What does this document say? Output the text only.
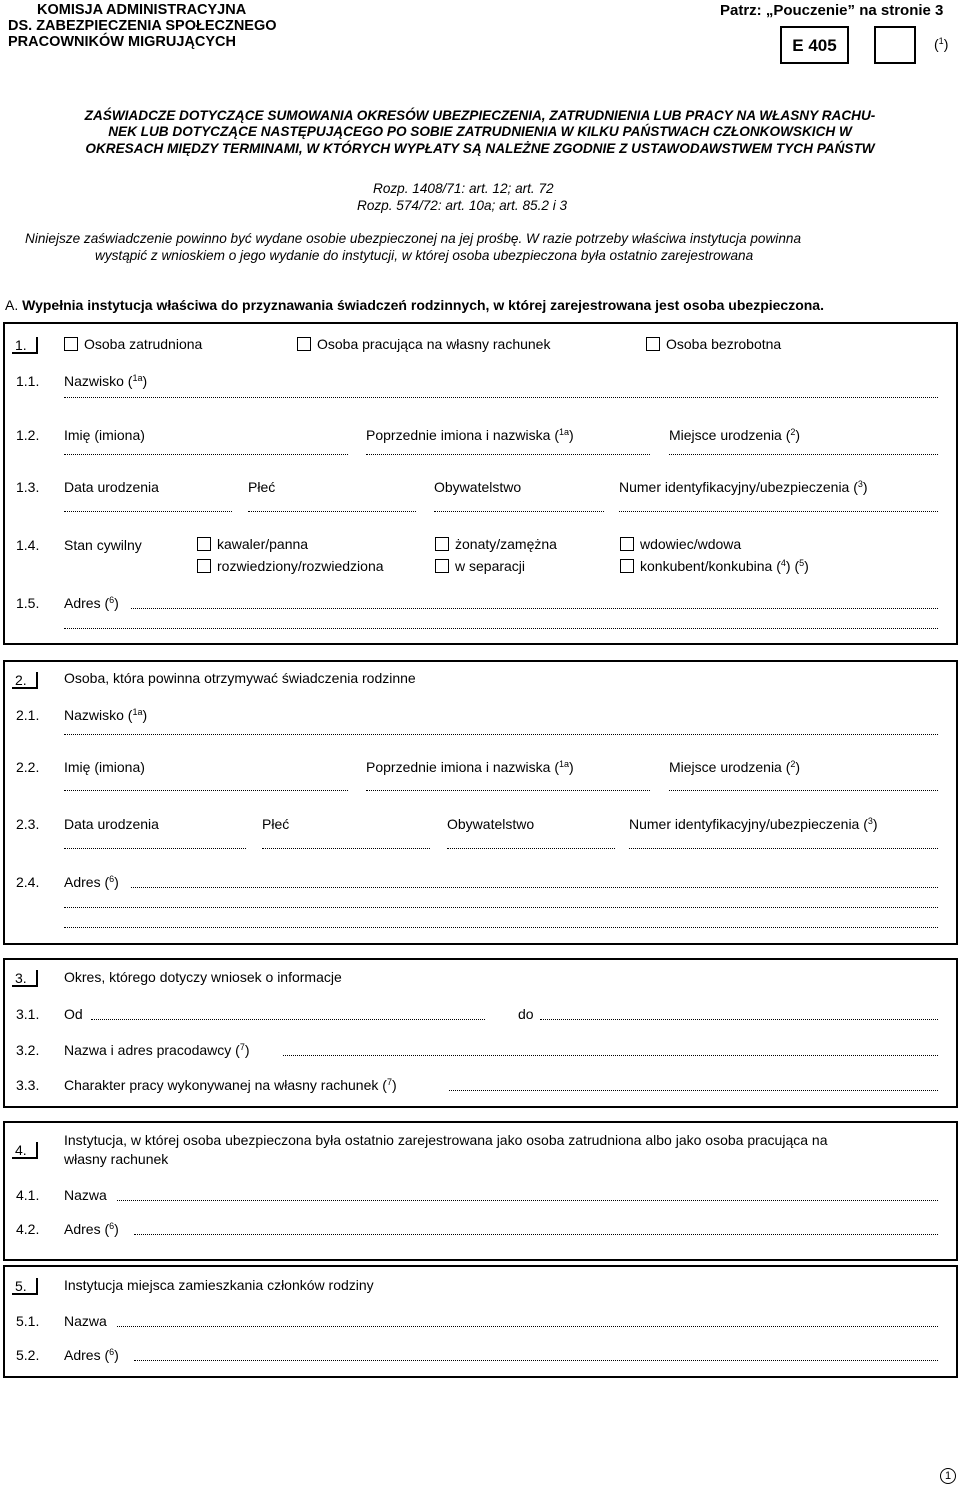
KOMISJA ADMINISTRACYJNA
DS. ZABEZPIECZENIA SPOŁECZNEGO
PRACOWNIKÓW MIGRUJĄCYCH
Patrz: „Pouczenie” na stronie 3
E 405	($^1$)
ZAŚWIADCZE DOTYCZĄCE SUMOWANIA OKRESÓW UBEZPIECZENIA, ZATRUDNIENIA LUB PRACY NA WŁASNY RACHU-
NEK LUB DOTYCZĄCE NASTĘPUJĄCEGO PO SOBIE ZATRUDNIENIA W KILKU PAŃSTWACH CZŁONKOWSKICH W
OKRESACH MIĘDZY TERMINAMI, W KTÓRYCH WYPŁATY SĄ NALEŻNE ZGODNIE Z USTAWODAWSTWEM TYCH PAŃSTW
Rozp. 1408/71: art. 12; art. 72
Rozp. 574/72: art. 10a; art. 85.2 i 3
Niniejsze zaświadczenie powinno być wydane osobie ubezpieczonej na jej prośbę. W razie potrzeby właściwa instytucja powinna
wystąpić z wnioskiem o jego wydanie do instytucji, w której osoba ubezpieczona była ostatnio zarejestrowana
A. Wypełnia instytucja właściwa do przyznawania świadczeń rodzinnych, w której zarejestrowana jest osoba ubezpieczona.
1.	Osoba zatrudniona	Osoba pracująca na własny rachunek	Osoba bezrobotna
1.1. Nazwisko ($^{1a}$)
1.2. Imię (imiona)	Poprzednie imiona i nazwiska ($^{1a}$)	Miejsce urodzenia ($^2$)
1.3. Data urodzenia	Płeć	Obywatelstwo	Numer identyfikacyjny/ubezpieczenia ($^3$)
1.4. Stan cywilny	kawaler/panna	żonaty/zamężna	wdowiec/wdowa
rozwiedziony/rozwiedziona	w separacji	konkubent/konkubina ($^4$) ($^5$)
1.5. Adres ($^6$)
2.	Osoba, która powinna otrzymywać świadczenia rodzinne
2.1. Nazwisko ($^{1a}$)
2.2. Imię (imiona)	Poprzednie imiona i nazwiska ($^{1a}$)	Miejsce urodzenia ($^2$)
2.3. Data urodzenia	Płeć	Obywatelstwo	Numer identyfikacyjny/ubezpieczenia ($^3$)
2.4. Adres ($^6$)
3.	Okres, którego dotyczy wniosek o informacje
3.1. Od	do
3.2. Nazwa i adres pracodawcy ($^7$)
3.3. Charakter pracy wykonywanej na własny rachunek ($^7$)
4.
Instytucja, w której osoba ubezpieczona była ostatnio zarejestrowana jako osoba zatrudniona albo jako osoba pracująca na
własny rachunek
4.1. Nazwa
4.2. Adres ($^6$)
5.	Instytucja miejsca zamieszkania członków rodziny
5.1. Nazwa
5.2. Adres ($^6$)
1
